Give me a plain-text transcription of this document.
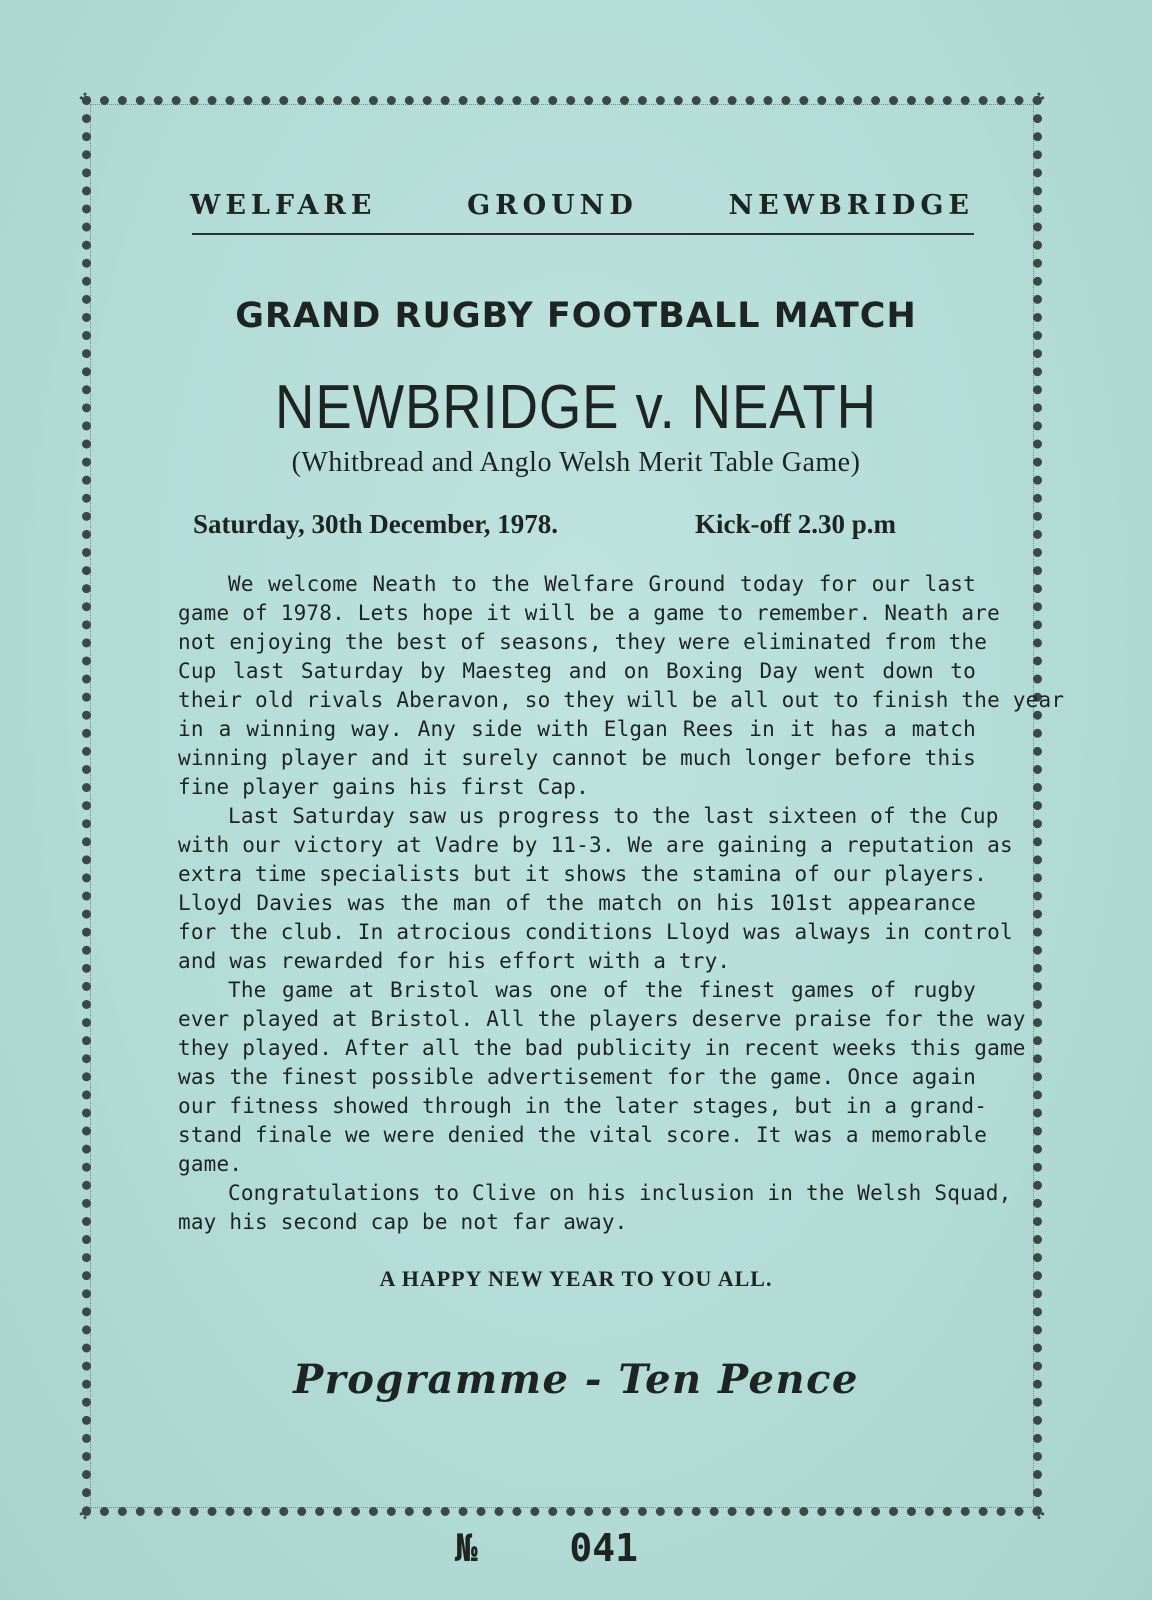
✣	✣
✣	✣
WELFARE	GROUND	NEWBRIDGE
GRAND RUGBY FOOTBALL MATCH
NEWBRIDGE v. NEATH
(Whitbread and Anglo Welsh Merit Table Game)
Saturday, 30th December, 1978.	Kick-off 2.30 p.m
We welcome Neath to the Welfare Ground today for our last
game of 1978. Lets hope it will be a game to remember. Neath are
not enjoying the best of seasons, they were eliminated from the
Cup last Saturday by Maesteg and on Boxing Day went down to
their old rivals Aberavon, so they will be all out to finish the year
in a winning way. Any side with Elgan Rees in it has a match
winning player and it surely cannot be much longer before this
fine player gains his first Cap.
Last Saturday saw us progress to the last sixteen of the Cup
with our victory at Vadre by 11-3. We are gaining a reputation as
extra time specialists but it shows the stamina of our players.
Lloyd Davies was the man of the match on his 101st appearance
for the club. In atrocious conditions Lloyd was always in control
and was rewarded for his effort with a try.
The game at Bristol was one of the finest games of rugby
ever played at Bristol. All the players deserve praise for the way
they played. After all the bad publicity in recent weeks this game
was the finest possible advertisement for the game. Once again
our fitness showed through in the later stages, but in a grand-
stand finale we were denied the vital score. It was a memorable
game.
Congratulations to Clive on his inclusion in the Welsh Squad,
may his second cap be not far away.
A HAPPY NEW YEAR TO YOU ALL.
Programme - Ten Pence
№ 041
